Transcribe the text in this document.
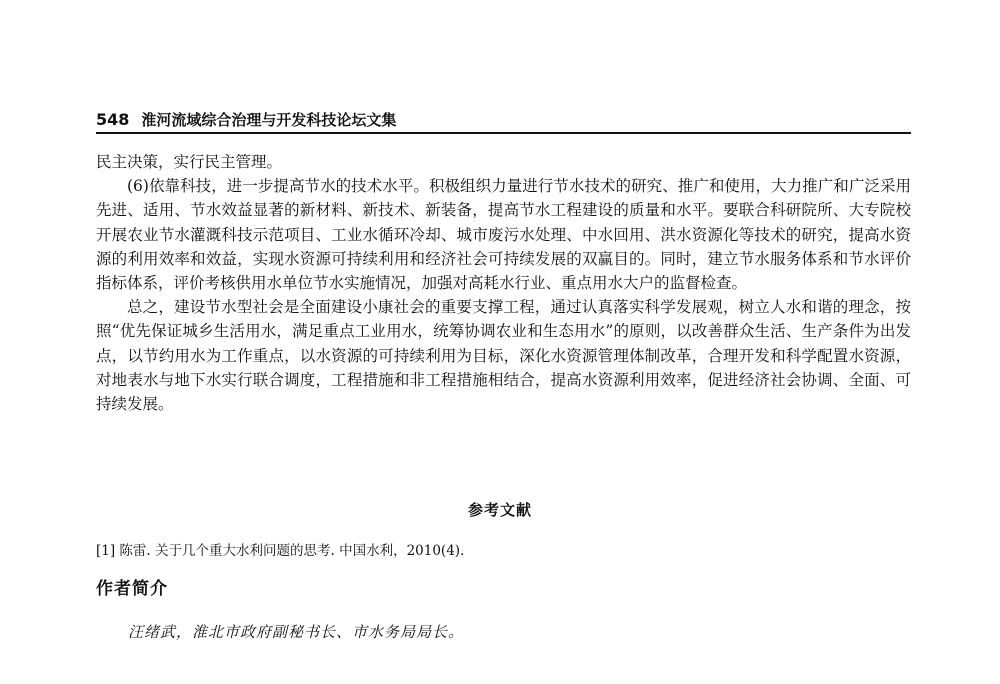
548 淮河流域综合治理与开发科技论坛文集

民主决策，实行民主管理。

(6)依靠科技，进一步提高节水的技术水平。积极组织力量进行节水技术的研究、推广和使用，大力推广和广泛采用先进、适用、节水效益显著的新材料、新技术、新装备，提高节水工程建设的质量和水平。要联合科研院所、大专院校开展农业节水灌溉科技示范项目、工业水循环冷却、城市废污水处理、中水回用、洪水资源化等技术的研究，提高水资源的利用效率和效益，实现水资源可持续利用和经济社会可持续发展的双赢目的。同时，建立节水服务体系和节水评价指标体系，评价考核供用水单位节水实施情况，加强对高耗水行业、重点用水大户的监督检查。

总之，建设节水型社会是全面建设小康社会的重要支撑工程，通过认真落实科学发展观，树立人水和谐的理念，按照“优先保证城乡生活用水，满足重点工业用水，统筹协调农业和生态用水”的原则，以改善群众生活、生产条件为出发点，以节约用水为工作重点，以水资源的可持续利用为目标，深化水资源管理体制改革，合理开发和科学配置水资源，对地表水与地下水实行联合调度，工程措施和非工程措施相结合，提高水资源利用效率，促进经济社会协调、全面、可持续发展。

参考文献
[1] 陈雷. 关于几个重大水利问题的思考. 中国水利，2010(4).
作者简介
汪绪武，淮北市政府副秘书长、市水务局局长。
